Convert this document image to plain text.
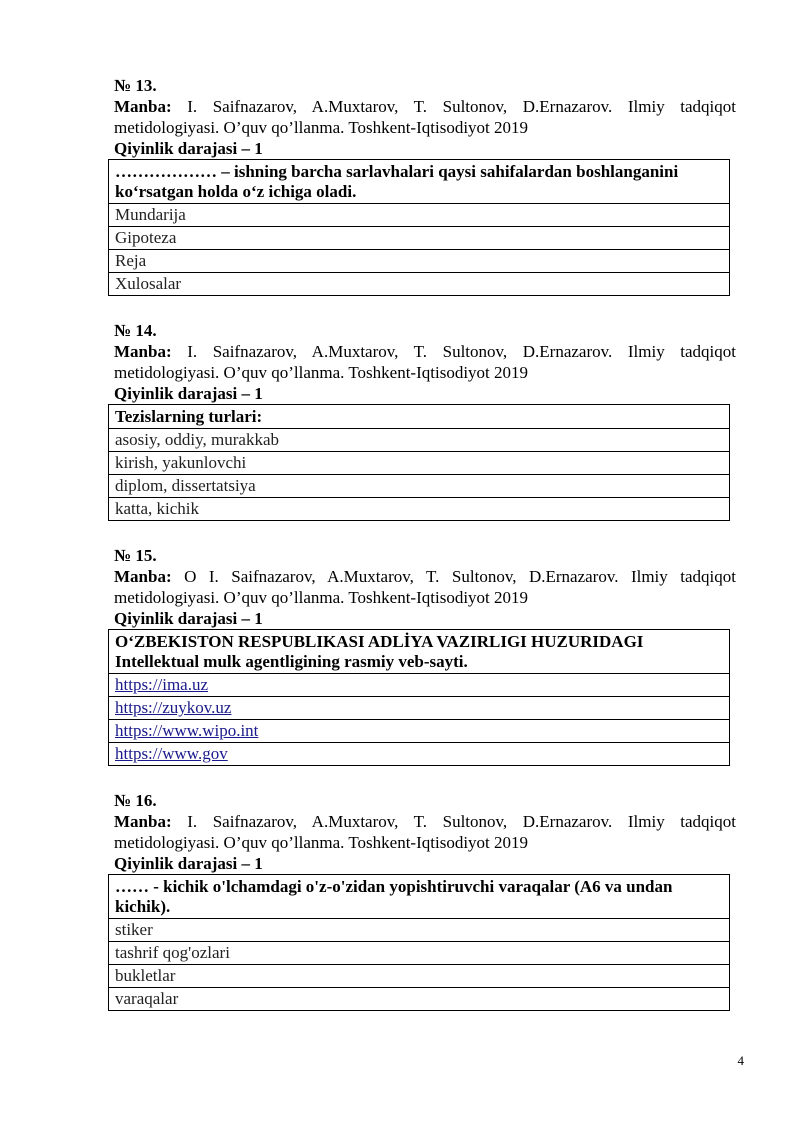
№ 13.
Manba: I. Saifnazarov, A.Muxtarov, T. Sultonov, D.Ernazarov. Ilmiy tadqiqot metidologiyasi. O’quv qo’llanma. Toshkent-Iqtisodiyot 2019
Qiyinlik darajasi – 1
……………… – ishning barcha sarlavhalari qaysi sahifalardan boshlanganini ko‘rsatgan holda o‘z ichiga oladi.
Mundarija
Gipoteza
Reja
Xulosalar
№ 14.
Manba: I. Saifnazarov, A.Muxtarov, T. Sultonov, D.Ernazarov. Ilmiy tadqiqot metidologiyasi. O’quv qo’llanma. Toshkent-Iqtisodiyot 2019
Qiyinlik darajasi – 1
Tezislarning turlari:
asosiy, oddiy, murakkab
kirish, yakunlovchi
diplom, dissertatsiya
katta, kichik
№ 15.
Manba: O I. Saifnazarov, A.Muxtarov, T. Sultonov, D.Ernazarov. Ilmiy tadqiqot metidologiyasi. O’quv qo’llanma. Toshkent-Iqtisodiyot 2019
Qiyinlik darajasi – 1
O‘ZBEKISTON RESPUBLIKASI ADLİYA VAZIRLIGI HUZURIDAGI Intellektual mulk agentligining rasmiy veb-sayti.
https://ima.uz
https://zuykov.uz
https://www.wipo.int
https://www.gov
№ 16.
Manba: I. Saifnazarov, A.Muxtarov, T. Sultonov, D.Ernazarov. Ilmiy tadqiqot metidologiyasi. O’quv qo’llanma. Toshkent-Iqtisodiyot 2019
Qiyinlik darajasi – 1
…… - kichik o'lchamdagi o'z-o'zidan yopishtiruvchi varaqalar (A6 va undan kichik).
stiker
tashrif qog'ozlari
bukletlar
varaqalar
4
